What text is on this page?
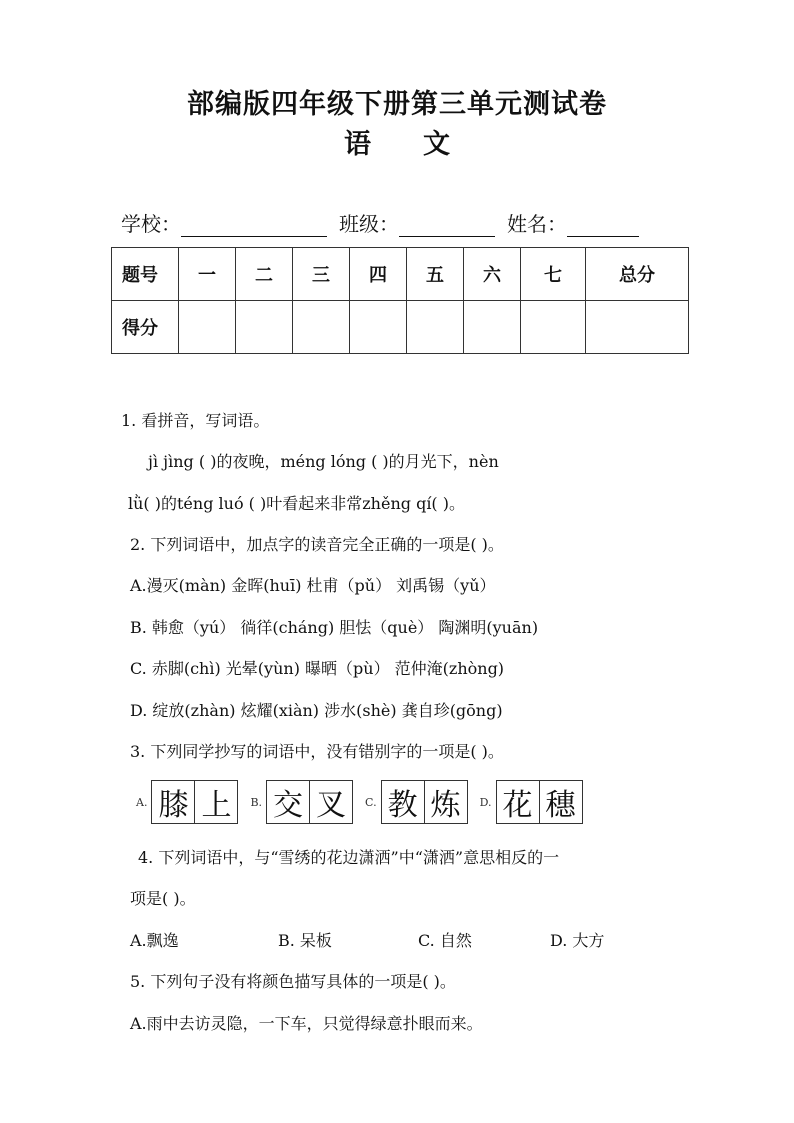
部编版四年级下册第三单元测试卷
语 文
学校：	班级：	姓名：
题号	一	二	三	四	五	六	七	总分
得分								
1. 看拼音，写词语。
jì jìng ( )的夜晚，méng lóng ( )的月光下，nèn
lǜ( )的téng luó ( )叶看起来非常zhěng qí( )。
2. 下列词语中，加点字的读音完全正确的一项是( )。
A.漫灭(màn) 金晖(huī) 杜甫（pǔ） 刘禹锡（yǔ）
B. 韩愈（yú） 徜徉(cháng) 胆怯（què） 陶渊明(yuān)
C. 赤脚(chì) 光晕(yùn) 曝晒（pù） 范仲淹(zhòng)
D. 绽放(zhàn) 炫耀(xiàn) 涉水(shè) 龚自珍(gōng)
3. 下列同学抄写的词语中，没有错别字的一项是( )。
A. 膝 上	B. 交 叉	C. 教 炼	D. 花 穗
4. 下列词语中，与“雪绣的花边潇洒”中“潇洒”意思相反的一
项是( )。
A.飘逸	B. 呆板	C. 自然	D. 大方
5. 下列句子没有将颜色描写具体的一项是( )。
A.雨中去访灵隐，一下车，只觉得绿意扑眼而来。
